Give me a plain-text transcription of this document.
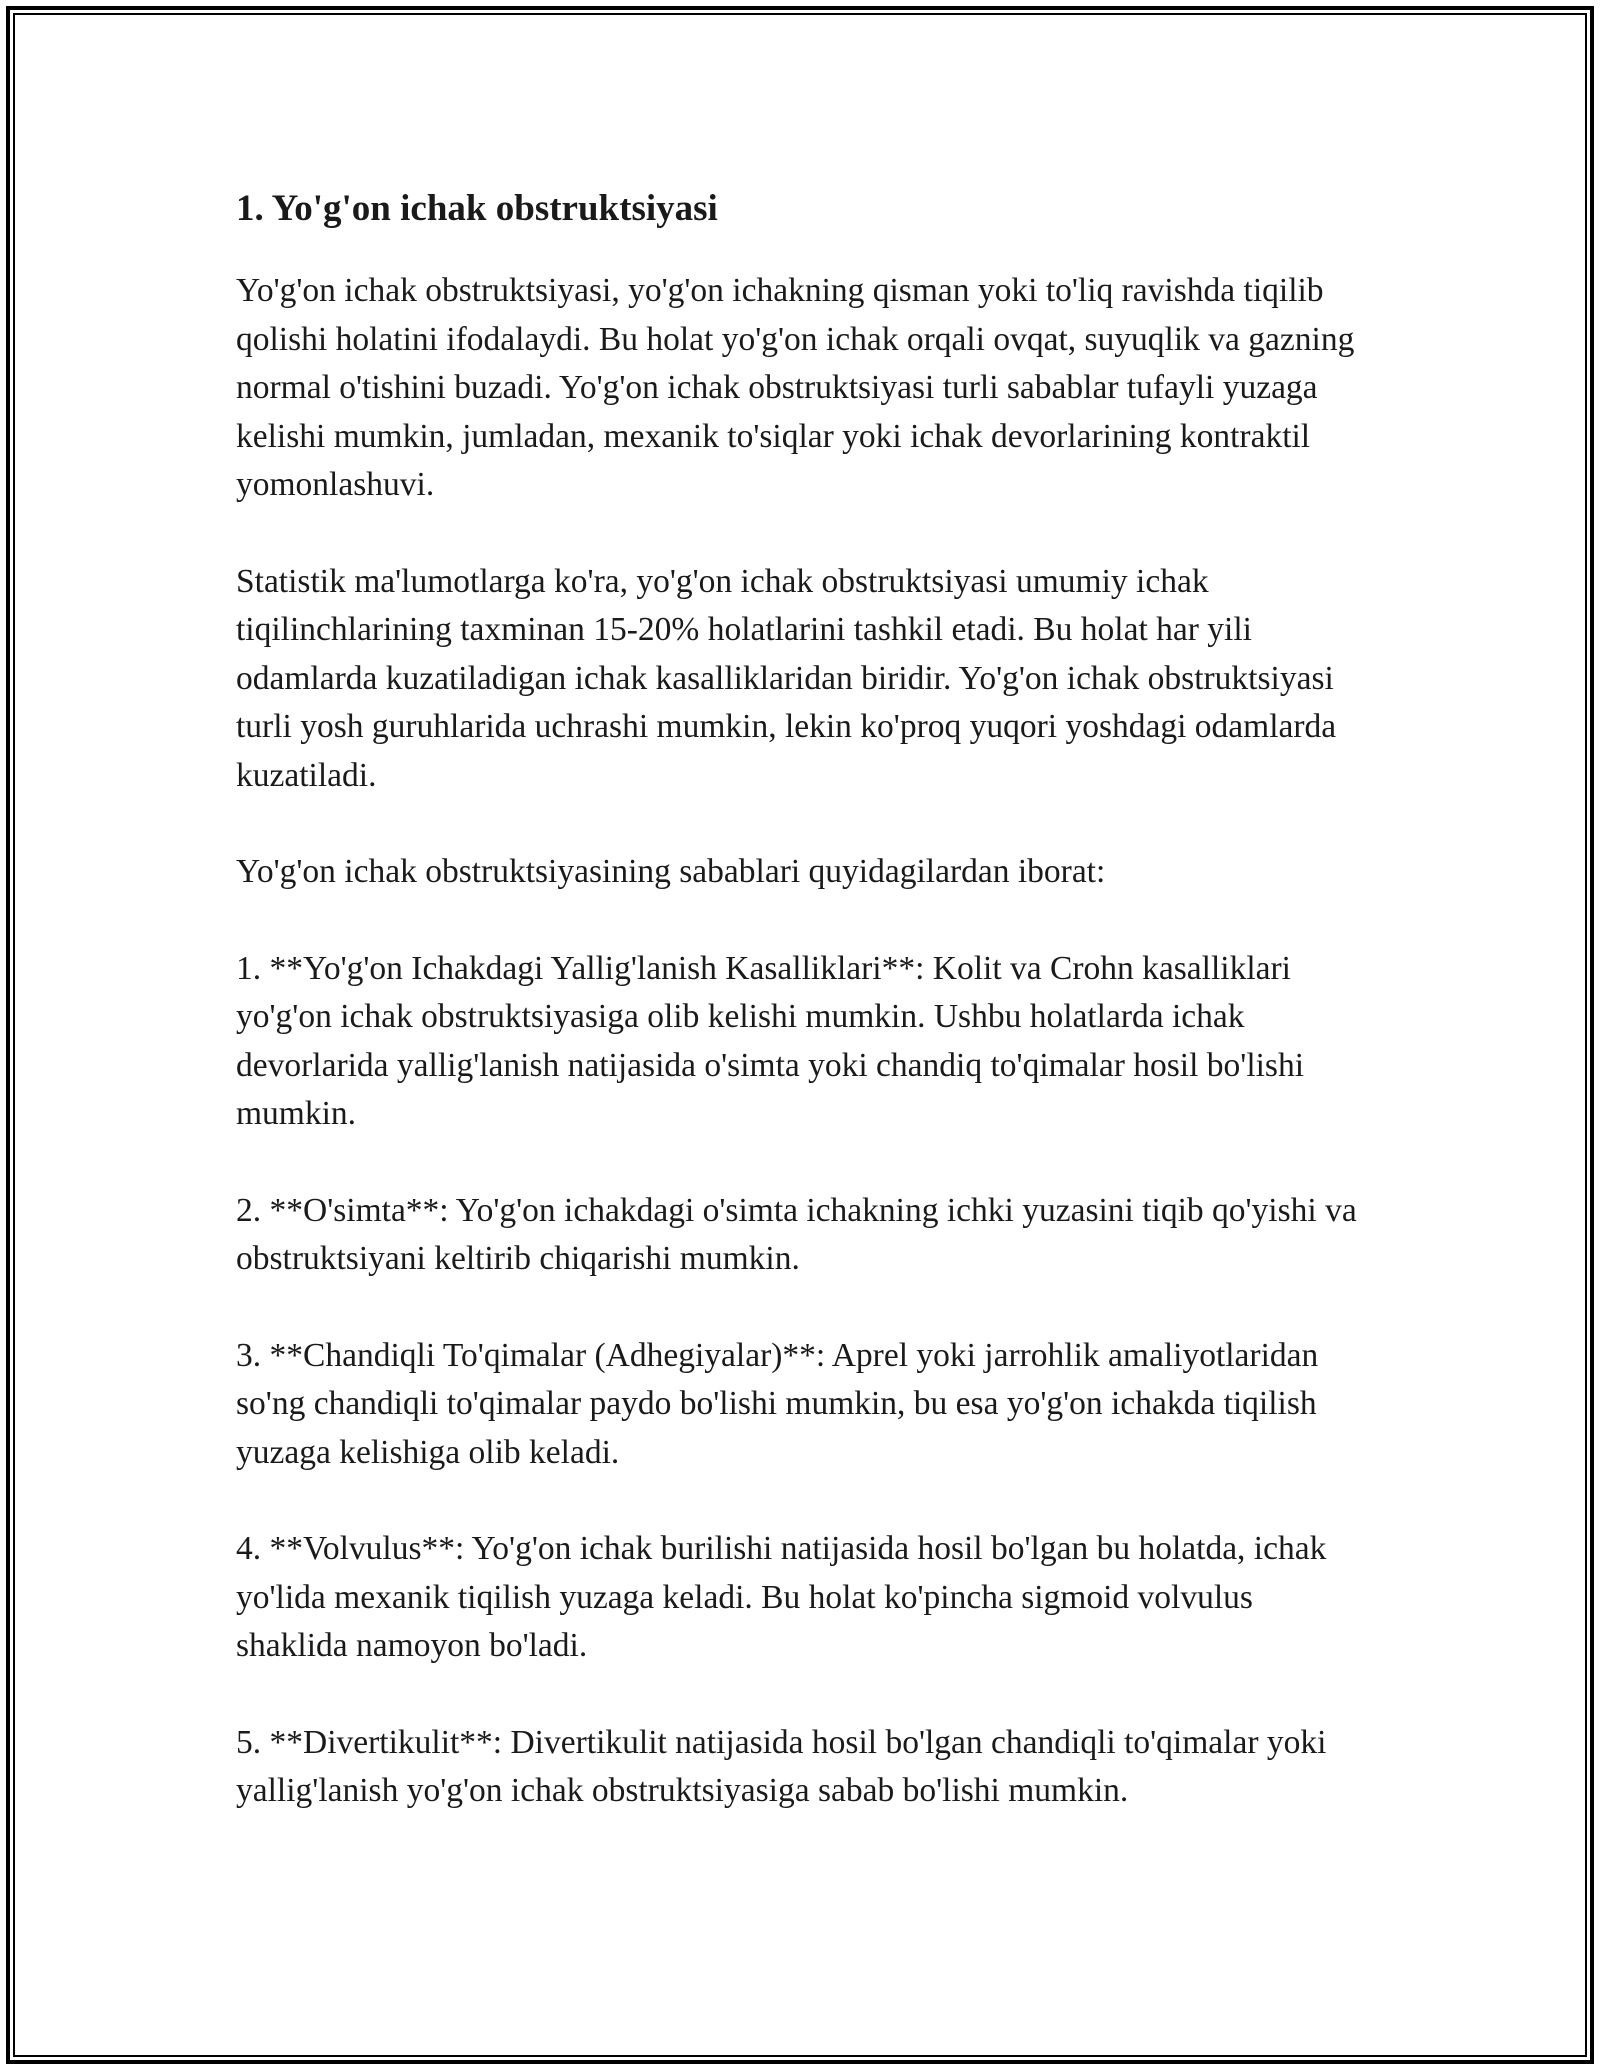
1. Yo'g'on ichak obstruktsiyasi

Yo'g'on ichak obstruktsiyasi, yo'g'on ichakning qisman yoki to'liq ravishda tiqilib qolishi holatini ifodalaydi. Bu holat yo'g'on ichak orqali ovqat, suyuqlik va gazning normal o'tishini buzadi. Yo'g'on ichak obstruktsiyasi turli sabablar tufayli yuzaga kelishi mumkin, jumladan, mexanik to'siqlar yoki ichak devorlarining kontraktil yomonlashuvi.

Statistik ma'lumotlarga ko'ra, yo'g'on ichak obstruktsiyasi umumiy ichak tiqilinchlarining taxminan 15-20% holatlarini tashkil etadi. Bu holat har yili odamlarda kuzatiladigan ichak kasalliklaridan biridir. Yo'g'on ichak obstruktsiyasi turli yosh guruhlarida uchrashi mumkin, lekin ko'proq yuqori yoshdagi odamlarda kuzatiladi.

Yo'g'on ichak obstruktsiyasining sabablari quyidagilardan iborat:

1. **Yo'g'on Ichakdagi Yallig'lanish Kasalliklari**: Kolit va Crohn kasalliklari yo'g'on ichak obstruktsiyasiga olib kelishi mumkin. Ushbu holatlarda ichak devorlarida yallig'lanish natijasida o'simta yoki chandiq to'qimalar hosil bo'lishi mumkin.

2. **O'simta**: Yo'g'on ichakdagi o'simta ichakning ichki yuzasini tiqib qo'yishi va obstruktsiyani keltirib chiqarishi mumkin.

3. **Chandiqli To'qimalar (Adhegiyalar)**: Aprel yoki jarrohlik amaliyotlaridan so'ng chandiqli to'qimalar paydo bo'lishi mumkin, bu esa yo'g'on ichakda tiqilish yuzaga kelishiga olib keladi.

4. **Volvulus**: Yo'g'on ichak burilishi natijasida hosil bo'lgan bu holatda, ichak yo'lida mexanik tiqilish yuzaga keladi. Bu holat ko'pincha sigmoid volvulus shaklida namoyon bo'ladi.

5. **Divertikulit**: Divertikulit natijasida hosil bo'lgan chandiqli to'qimalar yoki yallig'lanish yo'g'on ichak obstruktsiyasiga sabab bo'lishi mumkin.
